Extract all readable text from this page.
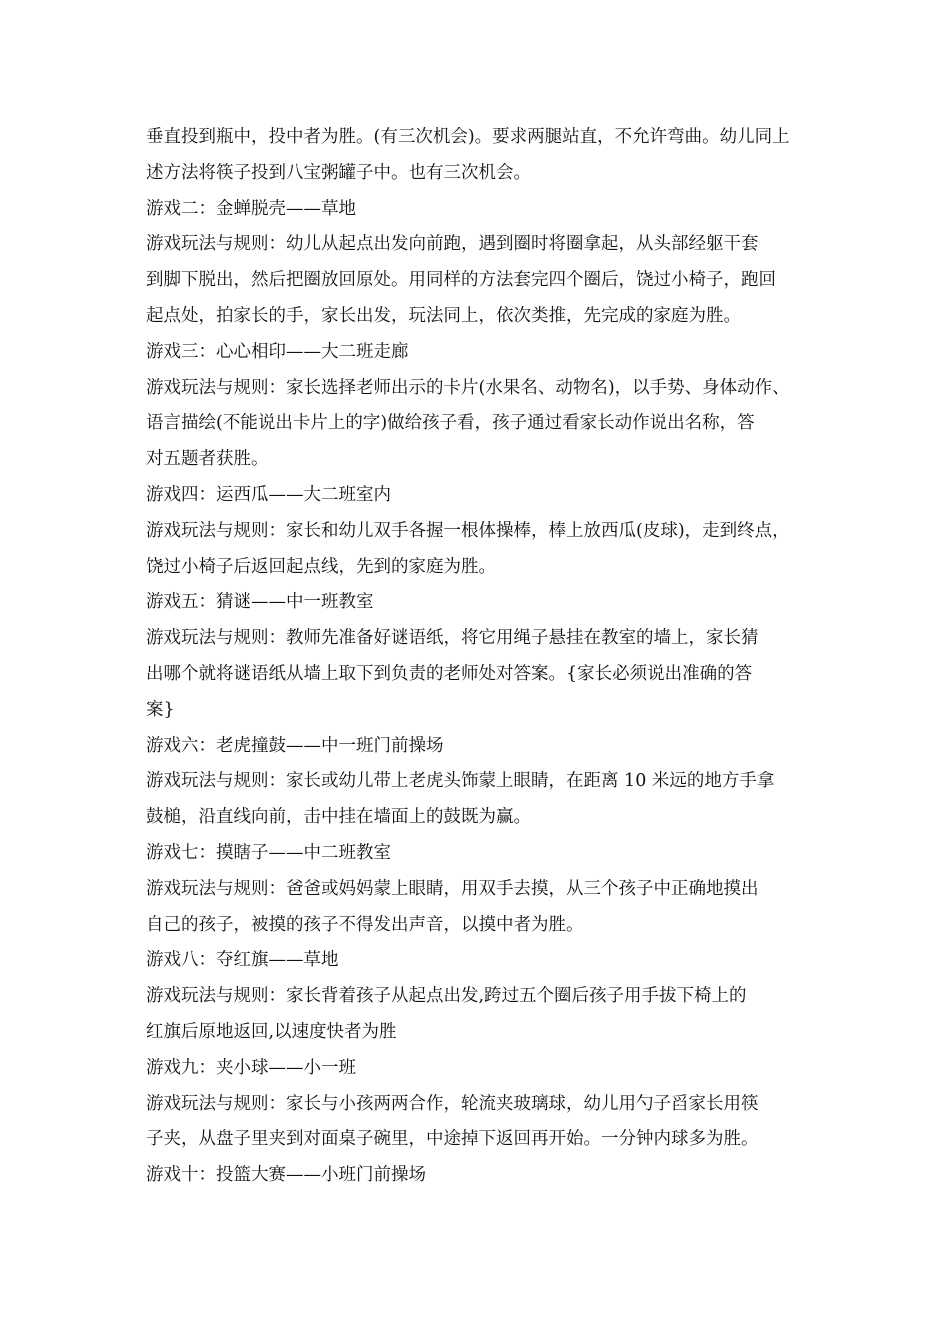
垂直投到瓶中，投中者为胜。(有三次机会)。要求两腿站直，不允许弯曲。幼儿同上

述方法将筷子投到八宝粥罐子中。也有三次机会。

游戏二：金蝉脱壳——草地

游戏玩法与规则：幼儿从起点出发向前跑，遇到圈时将圈拿起，从头部经躯干套

到脚下脱出，然后把圈放回原处。用同样的方法套完四个圈后，饶过小椅子，跑回

起点处，拍家长的手，家长出发，玩法同上，依次类推，先完成的家庭为胜。

游戏三：心心相印——大二班走廊

游戏玩法与规则：家长选择老师出示的卡片(水果名、动物名)，以手势、身体动作、

语言描绘(不能说出卡片上的字)做给孩子看，孩子通过看家长动作说出名称，答

对五题者获胜。

游戏四：运西瓜——大二班室内

游戏玩法与规则：家长和幼儿双手各握一根体操棒，棒上放西瓜(皮球)，走到终点，

饶过小椅子后返回起点线，先到的家庭为胜。

游戏五：猜谜——中一班教室

游戏玩法与规则：教师先准备好谜语纸，将它用绳子悬挂在教室的墙上，家长猜

出哪个就将谜语纸从墙上取下到负责的老师处对答案。{家长必须说出准确的答

案}

游戏六：老虎撞鼓——中一班门前操场

游戏玩法与规则：家长或幼儿带上老虎头饰蒙上眼睛，在距离 10 米远的地方手拿

鼓槌，沿直线向前，击中挂在墙面上的鼓既为赢。

游戏七：摸瞎子——中二班教室

游戏玩法与规则：爸爸或妈妈蒙上眼睛，用双手去摸，从三个孩子中正确地摸出

自己的孩子，被摸的孩子不得发出声音，以摸中者为胜。

游戏八：夺红旗——草地

游戏玩法与规则：家长背着孩子从起点出发,跨过五个圈后孩子用手拔下椅上的

红旗后原地返回,以速度快者为胜

游戏九：夹小球——小一班

游戏玩法与规则：家长与小孩两两合作，轮流夹玻璃球，幼儿用勺子舀家长用筷

子夹，从盘子里夹到对面桌子碗里，中途掉下返回再开始。一分钟内球多为胜。

游戏十：投篮大赛——小班门前操场
